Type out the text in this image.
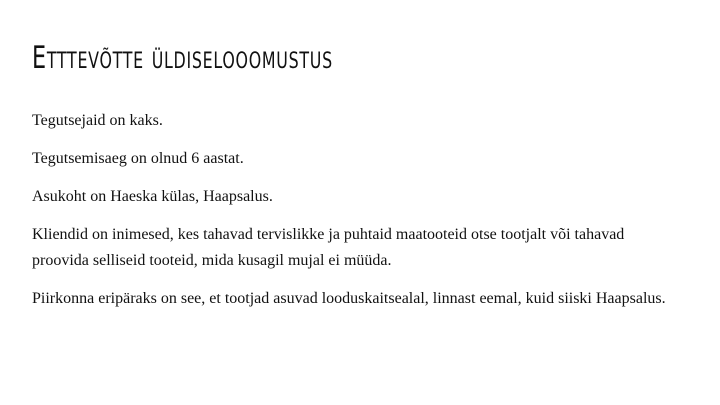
Etttevõtte üldiselooomustus

Tegutsejaid on kaks.

Tegutsemisaeg on olnud 6 aastat.

Asukoht on Haeska külas, Haapsalus.

Kliendid on inimesed, kes tahavad tervislikke ja puhtaid maatooteid otse tootjalt või tahavad proovida selliseid tooteid, mida kusagil mujal ei müüda.

Piirkonna eripäraks on see, et tootjad asuvad looduskaitsealal, linnast eemal, kuid siiski Haapsalus.
